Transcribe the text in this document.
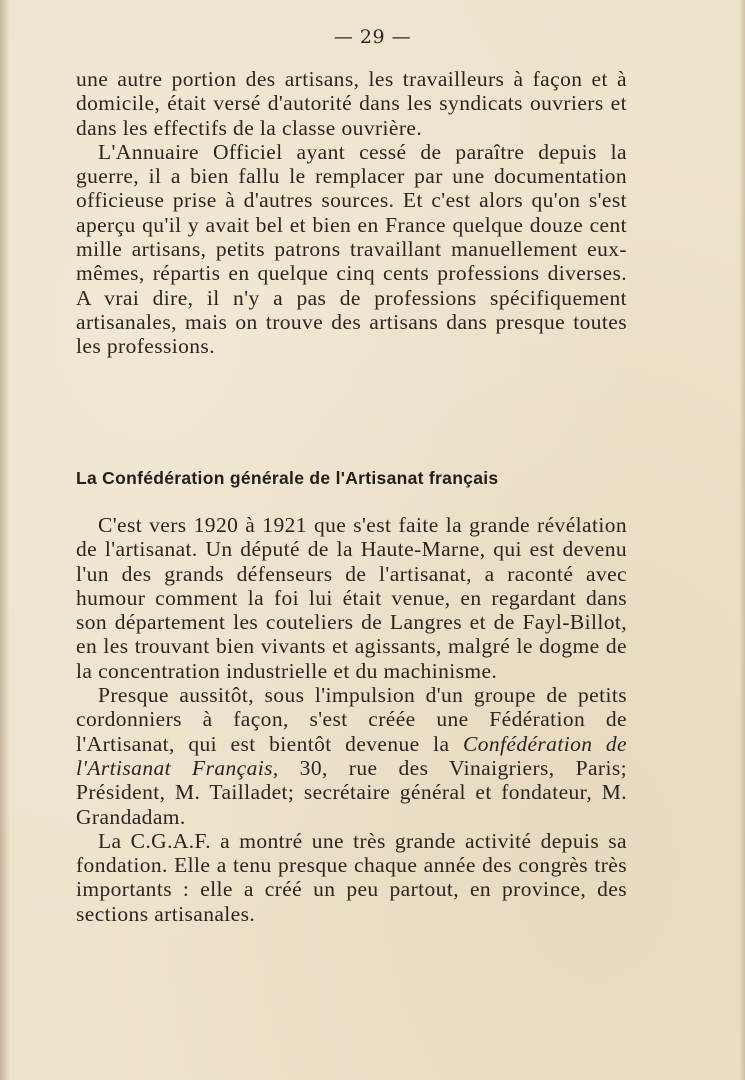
— 29 —

une autre portion des artisans, les travailleurs à façon et à domicile, était versé d'autorité dans les syndicats ouvriers et dans les effectifs de la classe ouvrière.

L'Annuaire Officiel ayant cessé de paraître depuis la guerre, il a bien fallu le remplacer par une documentation officieuse prise à d'autres sources. Et c'est alors qu'on s'est aperçu qu'il y avait bel et bien en France quelque douze cent mille artisans, petits patrons travaillant manuellement eux-mêmes, répartis en quelque cinq cents professions diverses. A vrai dire, il n'y a pas de professions spécifiquement artisanales, mais on trouve des artisans dans presque toutes les professions.

La Confédération générale de l'Artisanat français

C'est vers 1920 à 1921 que s'est faite la grande révélation de l'artisanat. Un député de la Haute-Marne, qui est devenu l'un des grands défenseurs de l'artisanat, a raconté avec humour comment la foi lui était venue, en regardant dans son département les couteliers de Langres et de Fayl-Billot, en les trouvant bien vivants et agissants, malgré le dogme de la concentration industrielle et du machinisme.

Presque aussitôt, sous l'impulsion d'un groupe de petits cordonniers à façon, s'est créée une Fédération de l'Artisanat, qui est bientôt devenue la Confédération de l'Artisanat Français, 30, rue des Vinaigriers, Paris; Président, M. Tailladet; secrétaire général et fondateur, M. Grandadam.

La C.G.A.F. a montré une très grande activité depuis sa fondation. Elle a tenu presque chaque année des congrès très importants : elle a créé un peu partout, en province, des sections artisanales.
